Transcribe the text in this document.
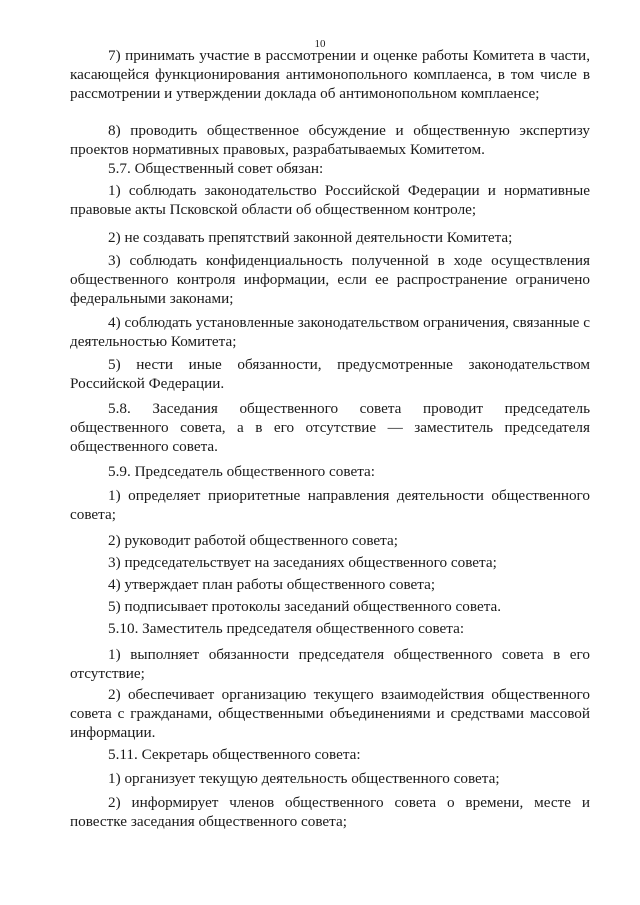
10
7) принимать участие в рассмотрении и оценке работы Комитета в части, касающейся функционирования антимонопольного комплаенса, в том числе в рассмотрении и утверждении доклада об антимонопольном комплаенсе;
8) проводить общественное обсуждение и общественную экспертизу проектов нормативных правовых, разрабатываемых Комитетом.
5.7. Общественный совет обязан:
1) соблюдать законодательство Российской Федерации и нормативные правовые акты Псковской области об общественном контроле;
2) не создавать препятствий законной деятельности Комитета;
3) соблюдать конфиденциальность полученной в ходе осуществления общественного контроля информации, если ее распространение ограничено федеральными законами;
4) соблюдать установленные законодательством ограничения, связанные с деятельностью Комитета;
5) нести иные обязанности, предусмотренные законодательством Российской Федерации.
5.8. Заседания общественного совета проводит председатель общественного совета, а в его отсутствие — заместитель председателя общественного совета.
5.9. Председатель общественного совета:
1) определяет приоритетные направления деятельности общественного совета;
2) руководит работой общественного совета;
3) председательствует на заседаниях общественного совета;
4) утверждает план работы общественного совета;
5) подписывает протоколы заседаний общественного совета.
5.10. Заместитель председателя общественного совета:
1) выполняет обязанности председателя общественного совета в его отсутствие;
2) обеспечивает организацию текущего взаимодействия общественного совета с гражданами, общественными объединениями и средствами массовой информации.
5.11. Секретарь общественного совета:
1) организует текущую деятельность общественного совета;
2) информирует членов общественного совета о времени, месте и повестке заседания общественного совета;
